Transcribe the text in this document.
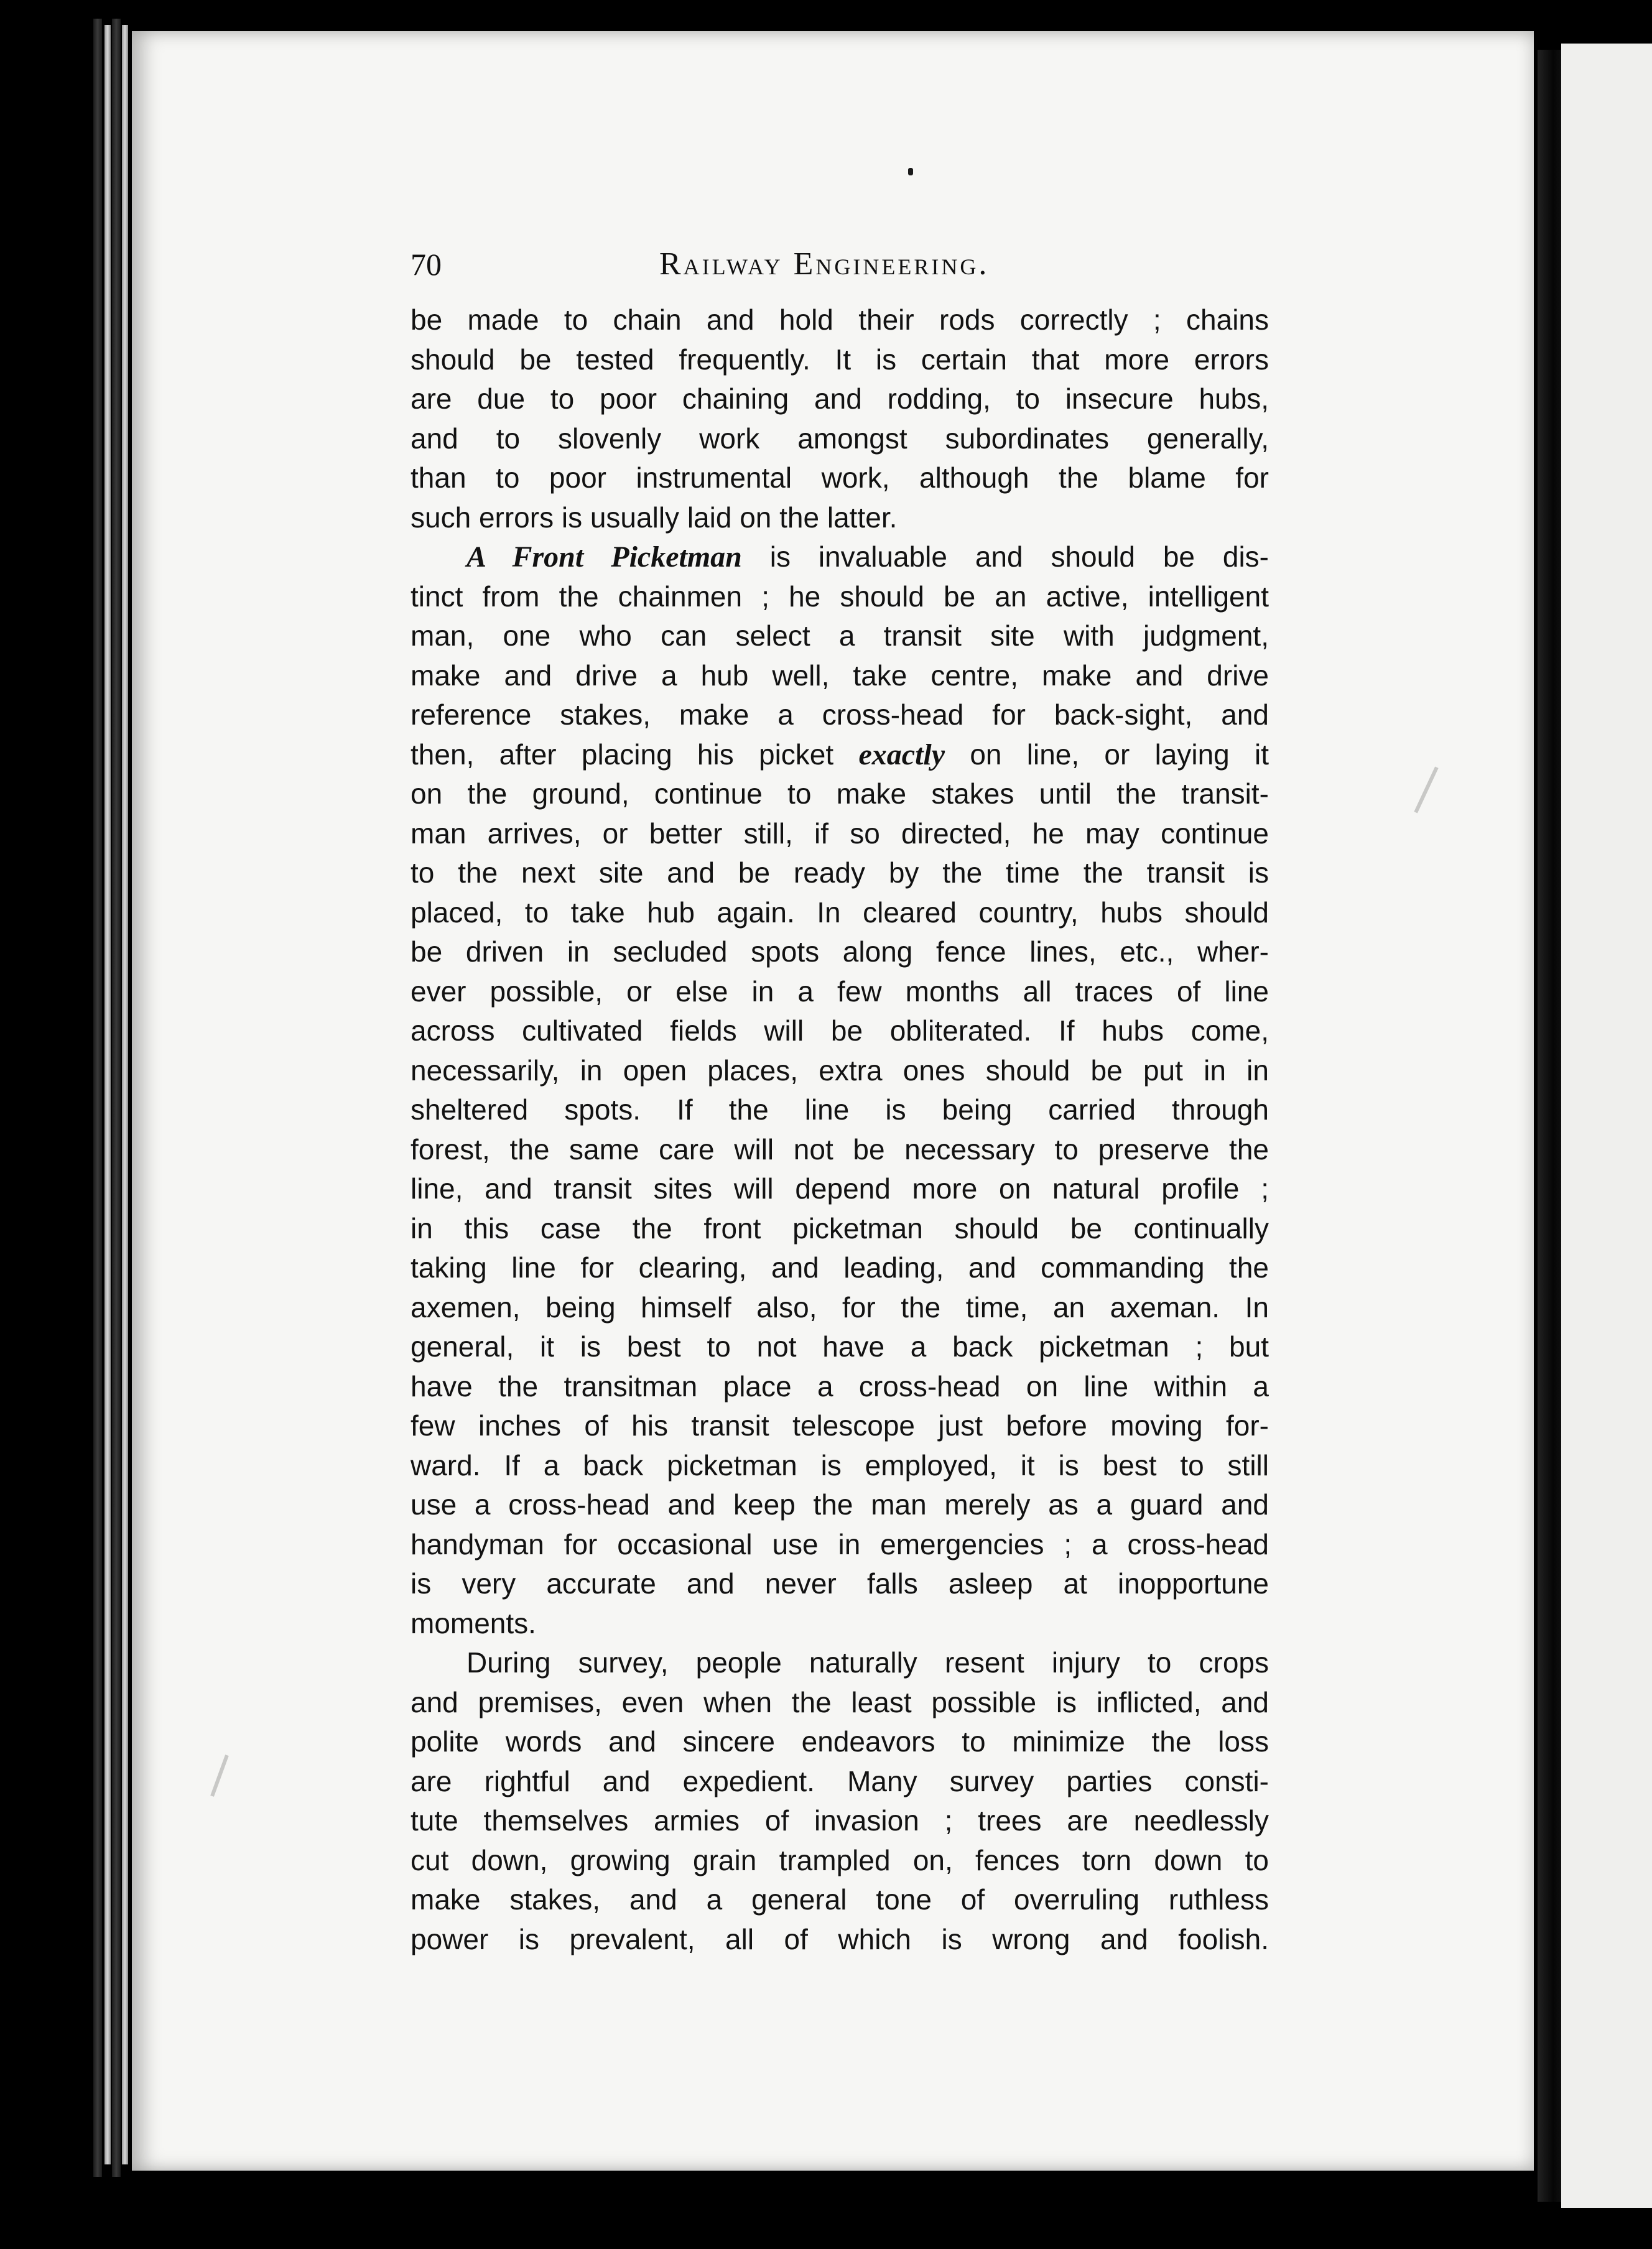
70	Railway Engineering.
be made to chain and hold their rods correctly ; chains
should be tested frequently. It is certain that more errors
are due to poor chaining and rodding, to insecure hubs,
and to slovenly work amongst subordinates generally,
than to poor instrumental work, although the blame for
such errors is usually laid on the latter.
A Front Picketman is invaluable and should be dis-
tinct from the chainmen ; he should be an active, intelligent
man, one who can select a transit site with judgment,
make and drive a hub well, take centre, make and drive
reference stakes, make a cross-head for back-sight, and
then, after placing his picket exactly on line, or laying it
on the ground, continue to make stakes until the transit-
man arrives, or better still, if so directed, he may continue
to the next site and be ready by the time the transit is
placed, to take hub again. In cleared country, hubs should
be driven in secluded spots along fence lines, etc., wher-
ever possible, or else in a few months all traces of line
across cultivated fields will be obliterated. If hubs come,
necessarily, in open places, extra ones should be put in in
sheltered spots. If the line is being carried through
forest, the same care will not be necessary to preserve the
line, and transit sites will depend more on natural profile ;
in this case the front picketman should be continually
taking line for clearing, and leading, and commanding the
axemen, being himself also, for the time, an axeman. In
general, it is best to not have a back picketman ; but
have the transitman place a cross-head on line within a
few inches of his transit telescope just before moving for-
ward. If a back picketman is employed, it is best to still
use a cross-head and keep the man merely as a guard and
handyman for occasional use in emergencies ; a cross-head
is very accurate and never falls asleep at inopportune
moments.
During survey, people naturally resent injury to crops
and premises, even when the least possible is inflicted, and
polite words and sincere endeavors to minimize the loss
are rightful and expedient. Many survey parties consti-
tute themselves armies of invasion ; trees are needlessly
cut down, growing grain trampled on, fences torn down to
make stakes, and a general tone of overruling ruthless
power is prevalent, all of which is wrong and foolish.
